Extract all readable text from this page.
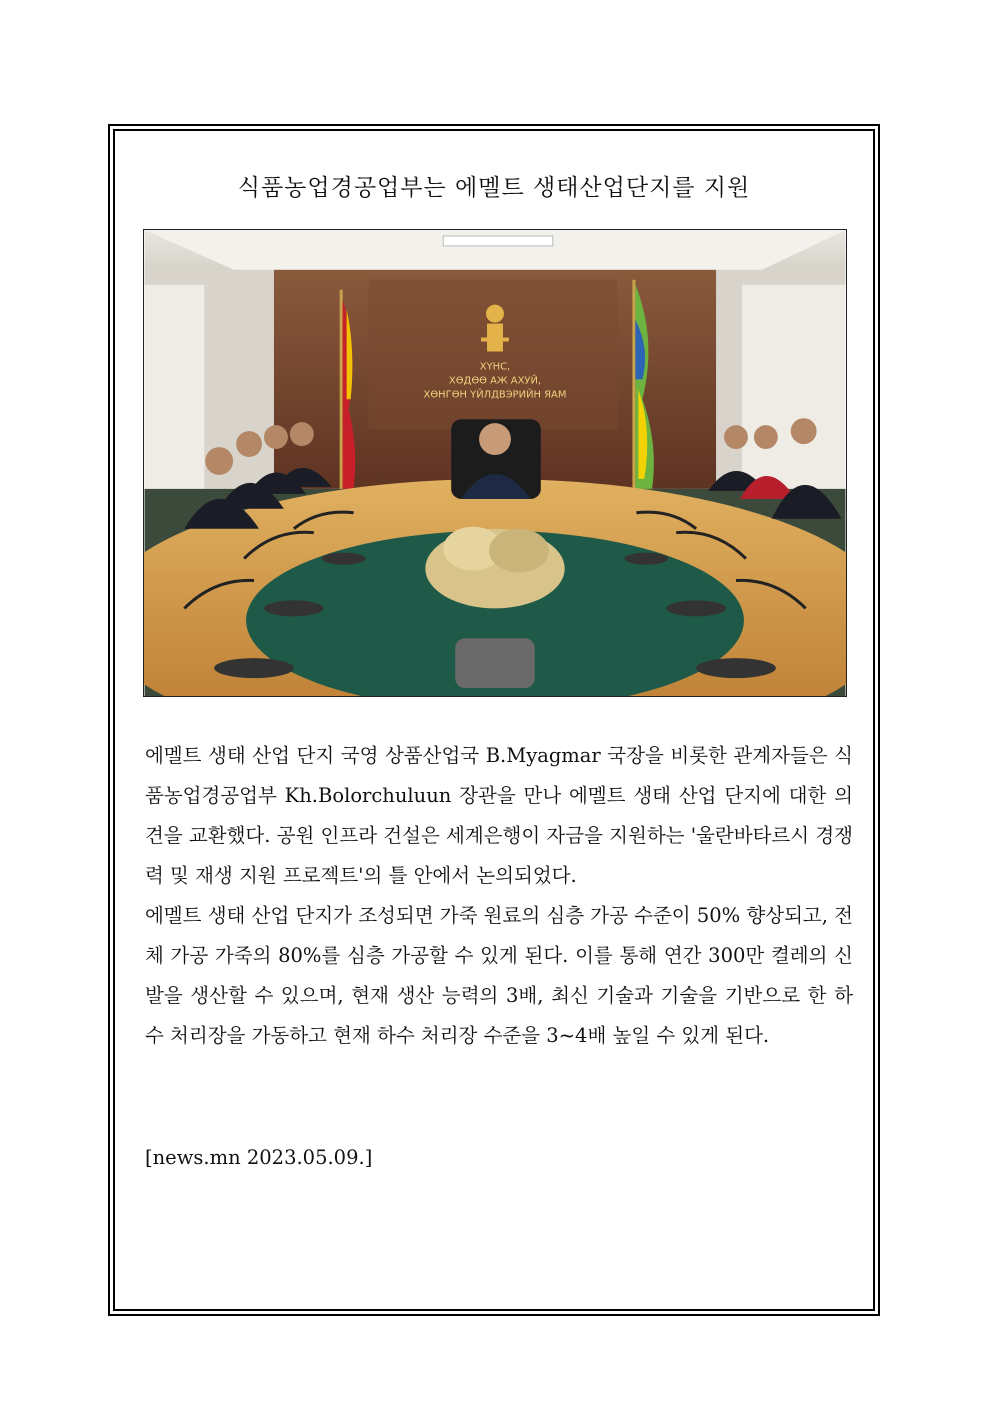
식품농업경공업부는 에멜트 생태산업단지를 지원
ХҮНС,
ХӨДӨӨ АЖ АХУЙ,
ХӨНГӨН ҮЙЛДВЭРИЙН ЯАМ

에멜트 생태 산업 단지 국영 상품산업국 B.Myagmar 국장을 비롯한 관계자들은 식품농업경공업부 Kh.Bolorchuluun 장관을 만나 에멜트 생태 산업 단지에 대한 의견을 교환했다. 공원 인프라 건설은 세계은행이 자금을 지원하는 '울란바타르시 경쟁력 및 재생 지원 프로젝트'의 틀 안에서 논의되었다.

에멜트 생태 산업 단지가 조성되면 가죽 원료의 심층 가공 수준이 50% 향상되고, 전체 가공 가죽의 80%를 심층 가공할 수 있게 된다. 이를 통해 연간 300만 켤레의 신발을 생산할 수 있으며, 현재 생산 능력의 3배, 최신 기술과 기술을 기반으로 한 하수 처리장을 가동하고 현재 하수 처리장 수준을 3~4배 높일 수 있게 된다.

[news.mn 2023.05.09.]
